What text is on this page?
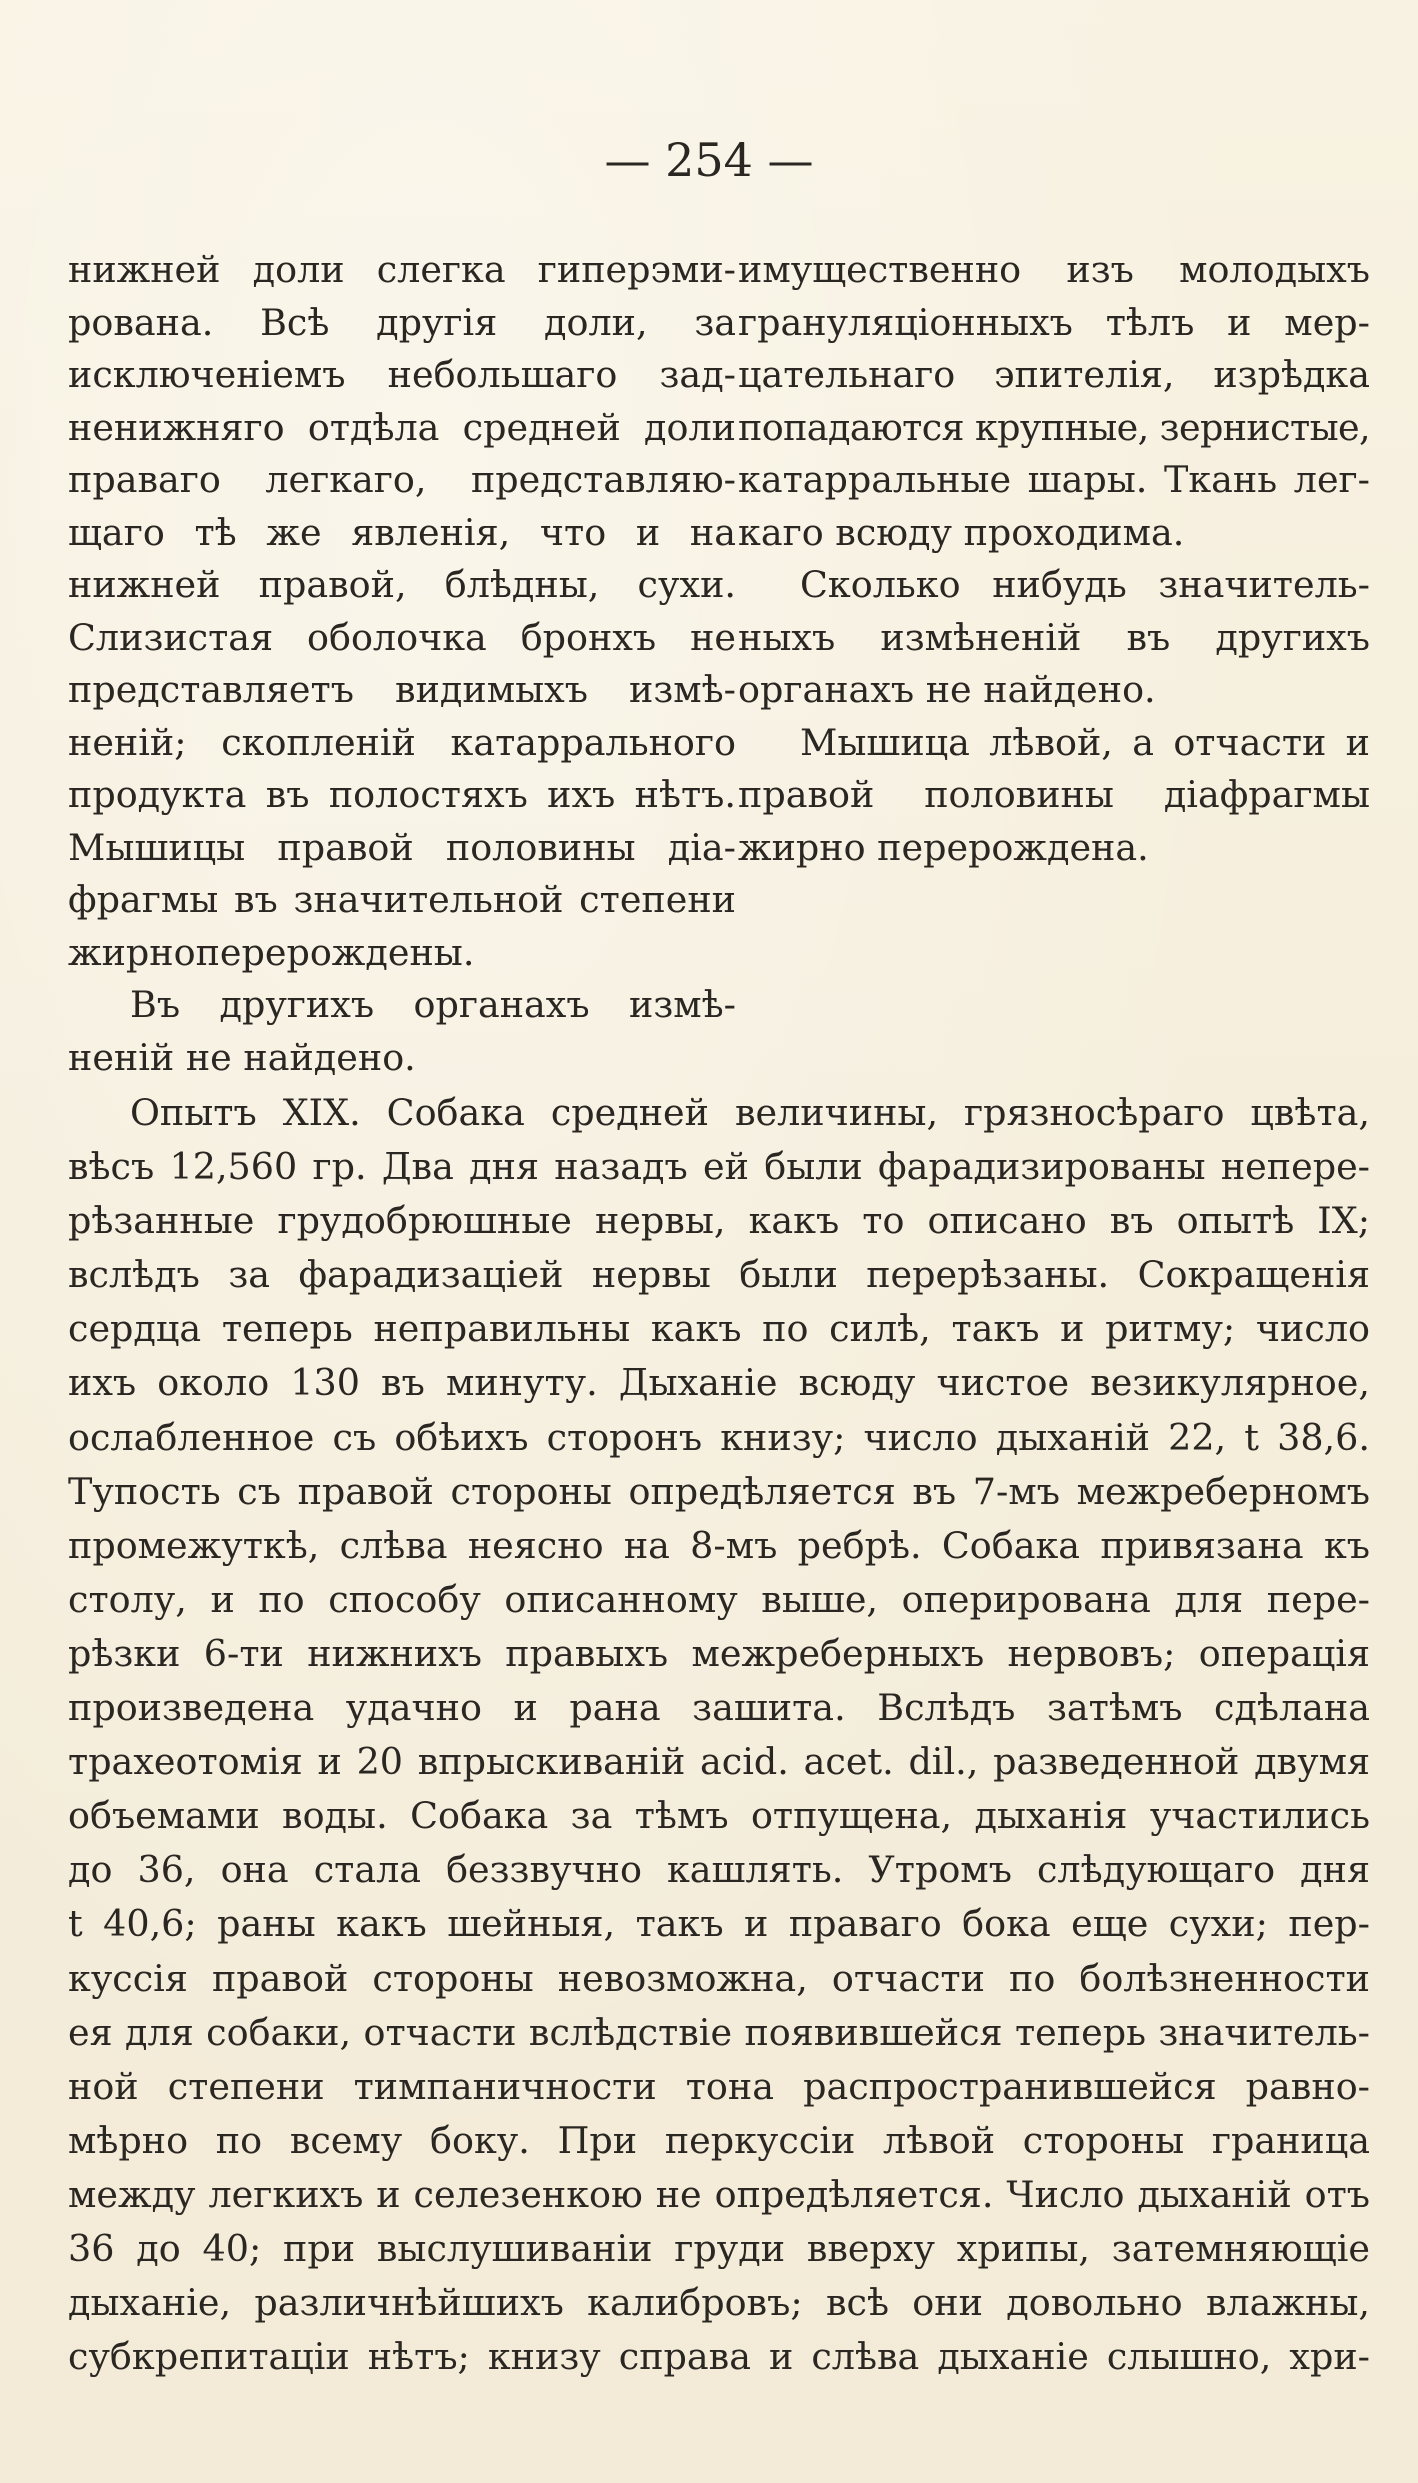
— 254 —
нижней доли слегка гиперэми-
рована. Всѣ другія доли, за
исключеніемъ небольшаго зад-
ненижняго отдѣла средней доли
праваго легкаго, представляю-
щаго тѣ же явленія, что и на
нижней правой, блѣдны, сухи.
Слизистая оболочка бронхъ не
представляетъ видимыхъ измѣ-
неній; скопленій катаррального
продукта въ полостяхъ ихъ нѣтъ.
Мышицы правой половины діа-
фрагмы въ значительной степени
жирноперерождены.
Въ другихъ органахъ измѣ-
неній не найдено.
имущественно изъ молодыхъ
грануляціонныхъ тѣлъ и мер-
цательнаго эпителія, изрѣдка
попадаются крупные, зернистые,
катарральные шары. Ткань лег-
каго всюду проходима.
Сколько нибудь значитель-
ныхъ измѣненій въ другихъ
органахъ не найдено.
Мышица лѣвой, а отчасти и
правой половины діафрагмы
жирно перерождена.
Опытъ XIX. Собака средней величины, грязносѣраго цвѣта,
вѣсъ 12,560 гр. Два дня назадъ ей были фарадизированы непере-
рѣзанные грудобрюшные нервы, какъ то описано въ опытѣ IX;
вслѣдъ за фарадизаціей нервы были перерѣзаны. Сокращенія
сердца теперь неправильны какъ по силѣ, такъ и ритму; число
ихъ около 130 въ минуту. Дыханіе всюду чистое везикулярное,
ослабленное съ обѣихъ сторонъ книзу; число дыханій 22, t 38,6.
Тупость съ правой стороны опредѣляется въ 7-мъ межреберномъ
промежуткѣ, слѣва неясно на 8-мъ ребрѣ. Собака привязана къ
столу, и по способу описанному выше, оперирована для пере-
рѣзки 6-ти нижнихъ правыхъ межреберныхъ нервовъ; операція
произведена удачно и рана зашита. Вслѣдъ затѣмъ сдѣлана
трахеотомія и 20 впрыскиваній acid. acet. dil., разведенной двумя
объемами воды. Собака за тѣмъ отпущена, дыханія участились
до 36, она стала беззвучно кашлять. Утромъ слѣдующаго дня
t 40,6; раны какъ шейныя, такъ и праваго бока еще сухи; пер-
куссія правой стороны невозможна, отчасти по болѣзненности
ея для собаки, отчасти вслѣдствіе появившейся теперь значитель-
ной степени тимпаничности тона распространившейся равно-
мѣрно по всему боку. При перкуссіи лѣвой стороны граница
между легкихъ и селезенкою не опредѣляется. Число дыханій отъ
36 до 40; при выслушиваніи груди вверху хрипы, затемняющіе
дыханіе, различнѣйшихъ калибровъ; всѣ они довольно влажны,
субкрепитаціи нѣтъ; книзу справа и слѣва дыханіе слышно, хри-
